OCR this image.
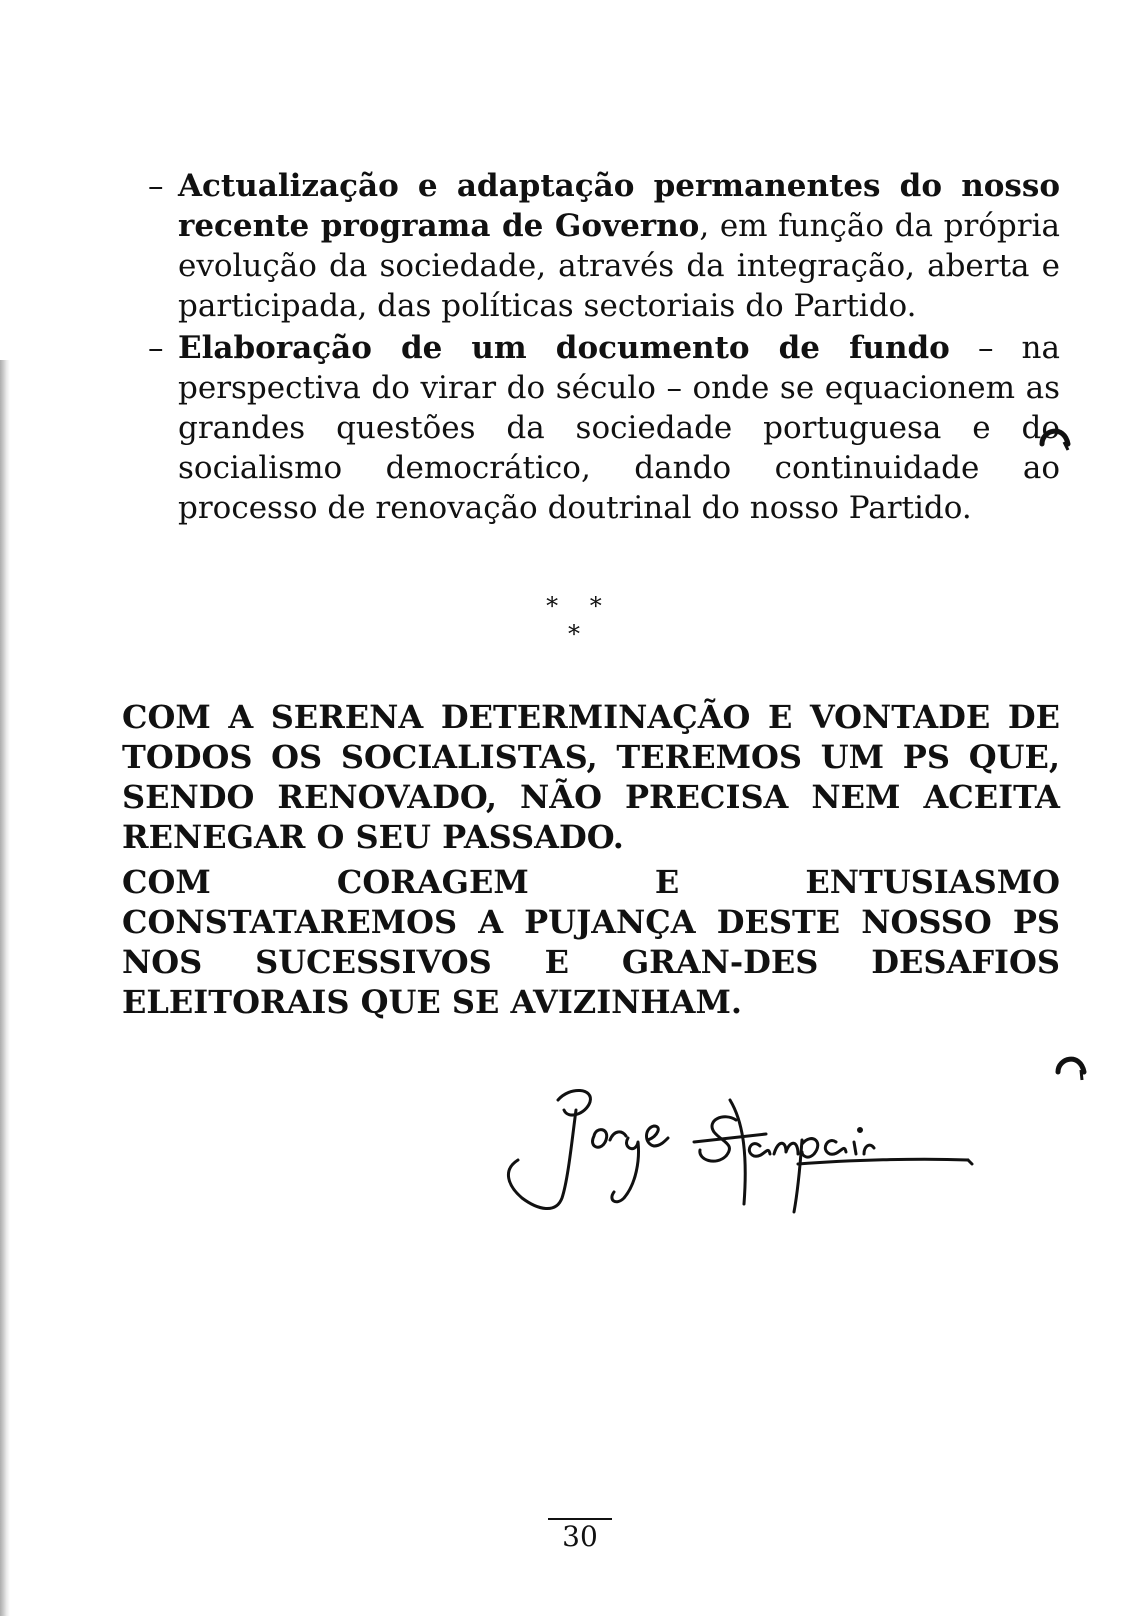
– Actualização e adaptação permanentes do nosso recente programa de Governo, em função da própria evolução da sociedade, através da integração, aberta e participada, das políticas sectoriais do Partido.
– Elaboração de um documento de fundo – na perspectiva do virar do século – onde se equacionem as grandes questões da sociedade portuguesa e do socialismo democrático, dando continuidade ao processo de renovação doutrinal do nosso Partido.
* * *
COM A SERENA DETERMINAÇÃO E VONTADE DE TODOS OS SOCIALISTAS, TEREMOS UM PS QUE, SENDO RENOVADO, NÃO PRECISA NEM ACEITA RENEGAR O SEU PASSADO.
COM CORAGEM E ENTUSIASMO CONSTATAREMOS A PUJANÇA DESTE NOSSO PS NOS SUCESSIVOS E GRAN-DES DESAFIOS ELEITORAIS QUE SE AVIZINHAM.
30
